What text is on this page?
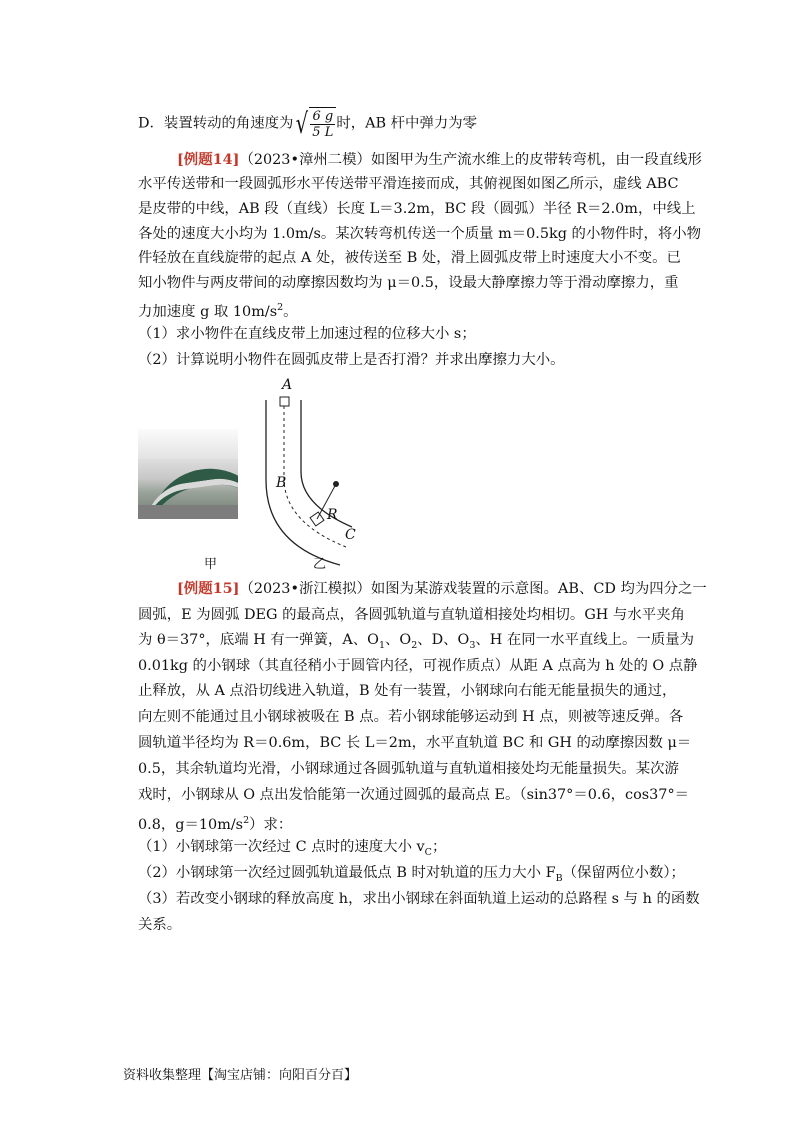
D．装置转动的角速度为 √ $\frac{6 g}{5 L}$ 时，AB 杆中弹力为零
[例题14]（2023•漳州二模）如图甲为生产流水维上的皮带转弯机，由一段直线形
水平传送带和一段圆弧形水平传送带平滑连接而成，其俯视图如图乙所示，虚线 ABC
是皮带的中线，AB 段（直线）长度 L＝3.2m，BC 段（圆弧）半径 R＝2.0m，中线上
各处的速度大小均为 1.0m/s。某次转弯机传送一个质量 m＝0.5kg 的小物件时，将小物
件轻放在直线旋带的起点 A 处，被传送至 B 处，滑上圆弧皮带上时速度大小不变。已
知小物件与两皮带间的动摩擦因数均为 μ＝0.5，设最大静摩擦力等于滑动摩擦力，重
力加速度 g 取 $10m/s^2$。
（1）求小物件在直线皮带上加速过程的位移大小 s；
（2）计算说明小物件在圆弧皮带上是否打滑？并求出摩擦力大小。
甲
A
B
R
C
乙
[例题15]（2023•浙江模拟）如图为某游戏装置的示意图。AB、CD 均为四分之一
圆弧，E 为圆弧 DEG 的最高点，各圆弧轨道与直轨道相接处均相切。GH 与水平夹角
为 θ＝37°，底端 H 有一弹簧，A、$O_1$、$O_2$、D、$O_3$、H 在同一水平直线上。一质量为
0.01kg 的小钢球（其直径稍小于圆管内径，可视作质点）从距 A 点高为 h 处的 O 点静
止释放，从 A 点沿切线进入轨道，B 处有一装置，小钢球向右能无能量损失的通过，
向左则不能通过且小钢球被吸在 B 点。若小钢球能够运动到 H 点，则被等速反弹。各
圆轨道半径均为 R＝0.6m，BC 长 L＝2m，水平直轨道 BC 和 GH 的动摩擦因数 μ＝
0.5，其余轨道均光滑，小钢球通过各圆弧轨道与直轨道相接处均无能量损失。某次游
戏时，小钢球从 O 点出发恰能第一次通过圆弧的最高点 E。（sin37°＝0.6，cos37°＝
0.8，$g=10m/s^2$）求：
（1）小钢球第一次经过 C 点时的速度大小 $v_C$；
（2）小钢球第一次经过圆弧轨道最低点 B 时对轨道的压力大小 $F_B$（保留两位小数）；
（3）若改变小钢球的释放高度 h，求出小钢球在斜面轨道上运动的总路程 s 与 h 的函数
关系。
资料收集整理【淘宝店铺：向阳百分百】
